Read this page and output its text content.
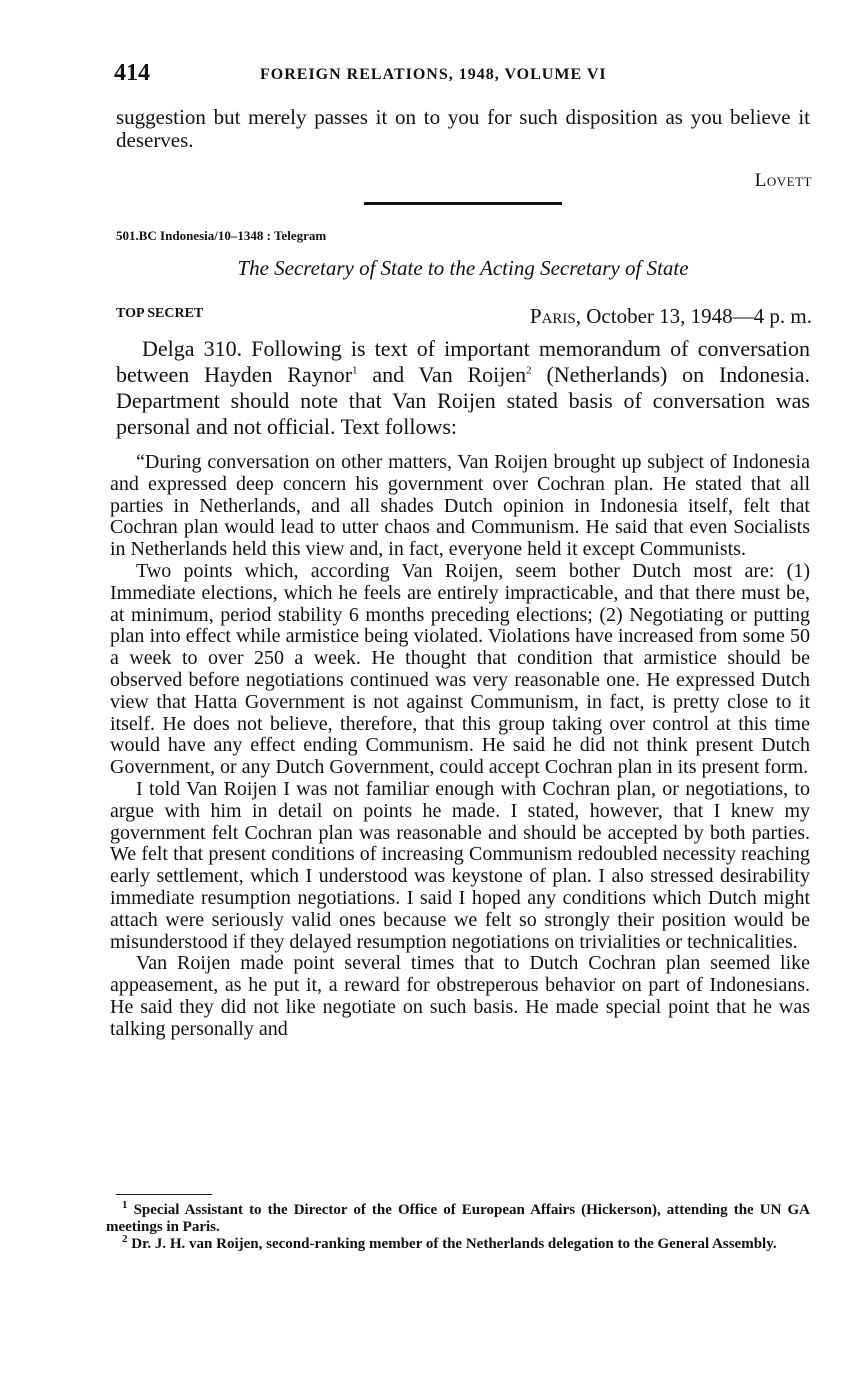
414	FOREIGN RELATIONS, 1948, VOLUME VI
suggestion but merely passes it on to you for such disposition as you believe it deserves.
Lovett
501.BC Indonesia/10–1348 : Telegram
The Secretary of State to the Acting Secretary of State
TOP SECRET	Paris, October 13, 1948—4 p. m.

Delga 310. Following is text of important memorandum of conversation between Hayden Raynor$^1$ and Van Roijen$^2$ (Netherlands) on Indonesia. Department should note that Van Roijen stated basis of conversation was personal and not official. Text follows:

“During conversation on other matters, Van Roijen brought up subject of Indonesia and expressed deep concern his government over Cochran plan. He stated that all parties in Netherlands, and all shades Dutch opinion in Indonesia itself, felt that Cochran plan would lead to utter chaos and Communism. He said that even Socialists in Netherlands held this view and, in fact, everyone held it except Communists.

Two points which, according Van Roijen, seem bother Dutch most are: (1) Immediate elections, which he feels are entirely impracticable, and that there must be, at minimum, period stability 6 months preceding elections; (2) Negotiating or putting plan into effect while armistice being violated. Violations have increased from some 50 a week to over 250 a week. He thought that condition that armistice should be observed before negotiations continued was very reasonable one. He expressed Dutch view that Hatta Government is not against Communism, in fact, is pretty close to it itself. He does not believe, therefore, that this group taking over control at this time would have any effect ending Communism. He said he did not think present Dutch Government, or any Dutch Government, could accept Cochran plan in its present form.

I told Van Roijen I was not familiar enough with Cochran plan, or negotiations, to argue with him in detail on points he made. I stated, however, that I knew my government felt Cochran plan was reasonable and should be accepted by both parties. We felt that present conditions of increasing Communism redoubled necessity reaching early settlement, which I understood was keystone of plan. I also stressed desirability immediate resumption negotiations. I said I hoped any conditions which Dutch might attach were seriously valid ones because we felt so strongly their position would be misunderstood if they delayed resumption negotiations on trivialities or technicalities.

Van Roijen made point several times that to Dutch Cochran plan seemed like appeasement, as he put it, a reward for obstreperous behavior on part of Indonesians. He said they did not like negotiate on such basis. He made special point that he was talking personally and

$^1$ Special Assistant to the Director of the Office of European Affairs (Hickerson), attending the UN GA meetings in Paris.

$^2$ Dr. J. H. van Roijen, second-ranking member of the Netherlands delegation to the General Assembly.
